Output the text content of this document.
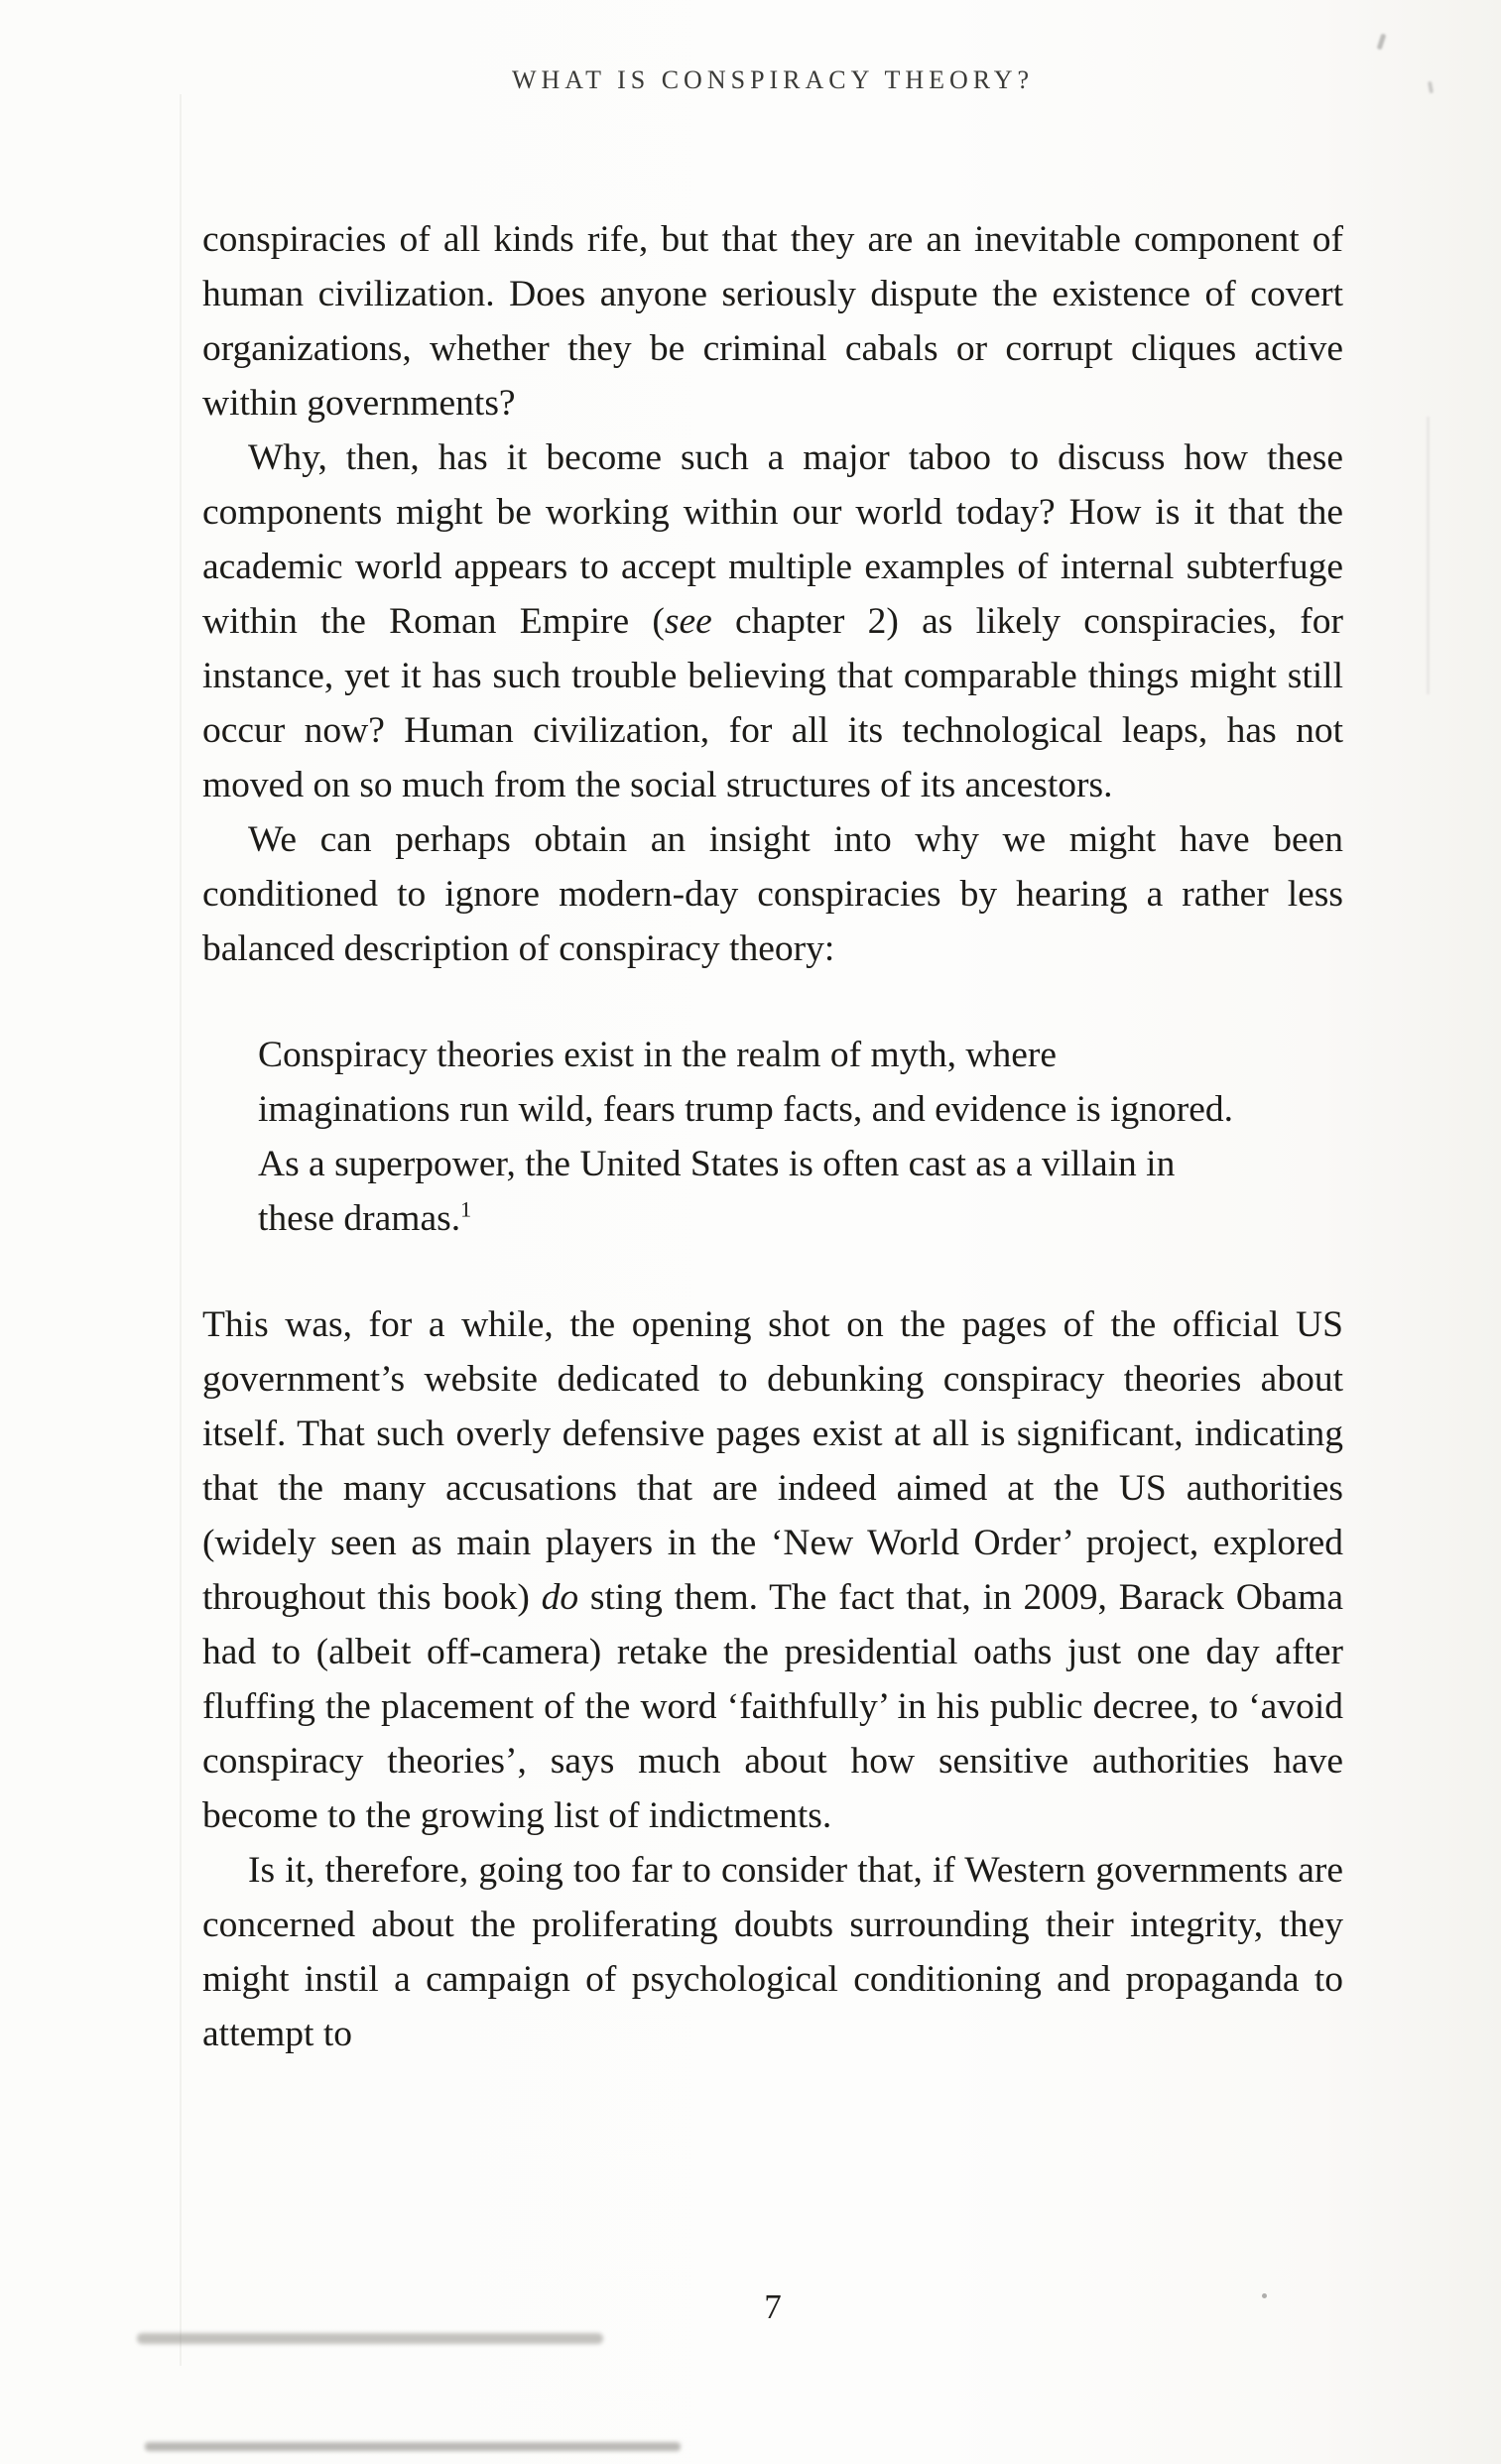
WHAT IS CONSPIRACY THEORY?

conspiracies of all kinds rife, but that they are an inevitable component of human civilization. Does anyone seriously dispute the existence of covert organizations, whether they be criminal cabals or corrupt cliques active within governments?

Why, then, has it become such a major taboo to discuss how these components might be working within our world today? How is it that the academic world appears to accept multiple examples of internal subterfuge within the Roman Empire (see chapter 2) as likely conspiracies, for instance, yet it has such trouble believing that comparable things might still occur now? Human civilization, for all its technological leaps, has not moved on so much from the social structures of its ancestors.

We can perhaps obtain an insight into why we might have been conditioned to ignore modern-day conspiracies by hearing a rather less balanced description of conspiracy theory:

Conspiracy theories exist in the realm of myth, where imaginations run wild, fears trump facts, and evidence is ignored. As a superpower, the United States is often cast as a villain in these dramas.$^1$

This was, for a while, the opening shot on the pages of the official US government’s website dedicated to debunking conspiracy theories about itself. That such overly defensive pages exist at all is significant, indicating that the many accusations that are indeed aimed at the US authorities (widely seen as main players in the ‘New World Order’ project, explored throughout this book) do sting them. The fact that, in 2009, Barack Obama had to (albeit off-camera) retake the presidential oaths just one day after fluffing the placement of the word ‘faithfully’ in his public decree, to ‘avoid conspiracy theories’, says much about how sensitive authorities have become to the growing list of indictments.

Is it, therefore, going too far to consider that, if Western governments are concerned about the proliferating doubts surrounding their integrity, they might instil a campaign of psychological conditioning and propaganda to attempt to

7
